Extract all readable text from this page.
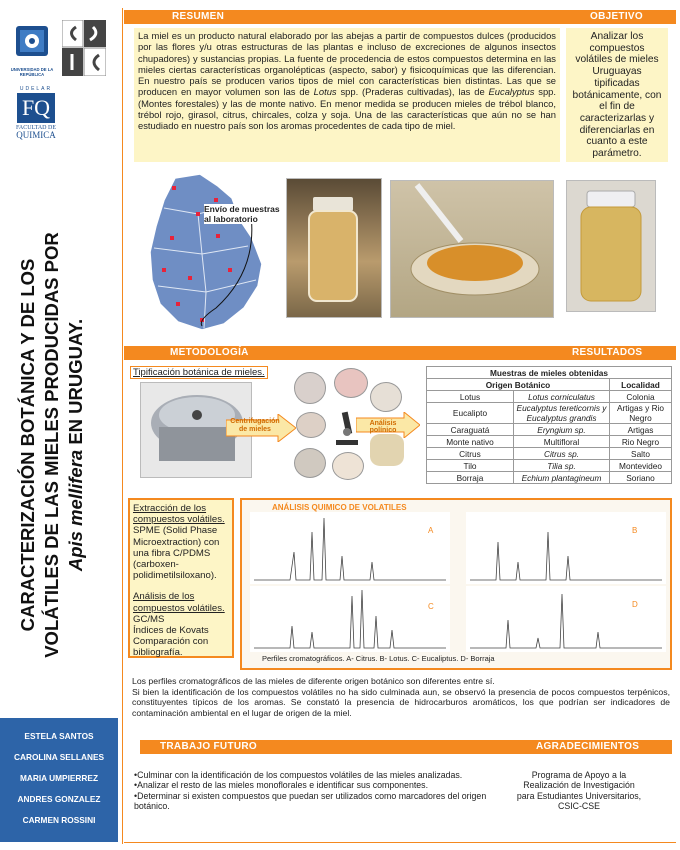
UNIVERSIDAD DE LA REPÚBLICA
UDELAR
FQ
FACULTAD DE
QUIMICA
CARACTERIZACIÓN BOTÁNICA Y DE LOS VOLÁTILES DE LAS MIELES PRODUCIDAS POR Apis mellifera EN URUGUAY.
ESTELA SANTOS
CAROLINA SELLANES
MARIA UMPIERREZ
ANDRES GONZALEZ
CARMEN ROSSINI
RESUMEN	OBJETIVO
La miel es un producto natural elaborado por las abejas a partir de compuestos dulces (producidos por las flores y/u otras estructuras de las plantas e incluso de excreciones de algunos insectos chupadores) y sustancias propias. La fuente de procedencia de estos compuestos determina en las mieles ciertas características organolépticas (aspecto, sabor) y fisicoquímicas que las diferencian. En nuestro país se producen varios tipos de miel con características bien distintas. Las que se producen en mayor volumen son las de Lotus spp. (Praderas cultivadas), las de Eucalyptus spp. (Montes forestales) y las de monte nativo. En menor medida se producen mieles de trébol blanco, trébol rojo, girasol, citrus, chircales, colza y soja. Una de las características que aún no se han estudiado en nuestro país son los aromas procedentes de cada tipo de miel.
Analizar los compuestos volátiles de mieles Uruguayas tipificadas botánicamente, con el fin de caracterizarlas y diferenciarlas en cuanto a este parámetro.
Envío de muestras al laboratorio
METODOLOGÍA	RESULTADOS
Tipificación botánica de mieles.
Centrifugación de mieles
Análisis polínico
Muestras de mieles obtenidas		
Origen Botánico		Localidad
Lotus	Lotus corniculatus	Colonia
Eucalipto	Eucalyptus tereticornis y Eucalyptus grandis	Artigas y Rio Negro
Caraguatá	Eryngium sp.	Artigas
Monte nativo	Multifloral	Rio Negro
Citrus	Citrus sp.	Salto
Tilo	Tilia sp.	Montevideo
Borraja	Echium plantagineum	Soriano
Extracción de los compuestos volátiles.
SPME (Solid Phase Microextraction) con una fibra C/PDMS (carboxen-polidimetilsiloxano).
Análisis de los compuestos volátiles.
GC/MS
Índices de Kovats
Comparación con bibliografía.
ANÁLISIS QUIMICO DE VOLATILES
A	B
C	D
Perfiles cromatográficos. A- Citrus. B- Lotus. C- Eucaliptus. D- Borraja
Los perfiles cromatográficos de las mieles de diferente origen botánico son diferentes entre sí.
Si bien la identificación de los compuestos volátiles no ha sido culminada aun, se observó la presencia de pocos compuestos terpénicos, constituyentes típicos de los aromas. Se constató la presencia de hidrocarburos aromáticos, los que podrían ser indicadores de contaminación ambiental en el lugar de origen de la miel.
TRABAJO FUTURO	AGRADECIMIENTOS
•Culminar con la identificación de los compuestos volátiles de las mieles analizadas.
•Analizar el resto de las mieles monoflorales e identificar sus componentes.
•Determinar si existen compuestos que puedan ser utilizados como marcadores del origen botánico.
Programa de Apoyo a la Realización de Investigación para Estudiantes Universitarios, CSIC-CSE
